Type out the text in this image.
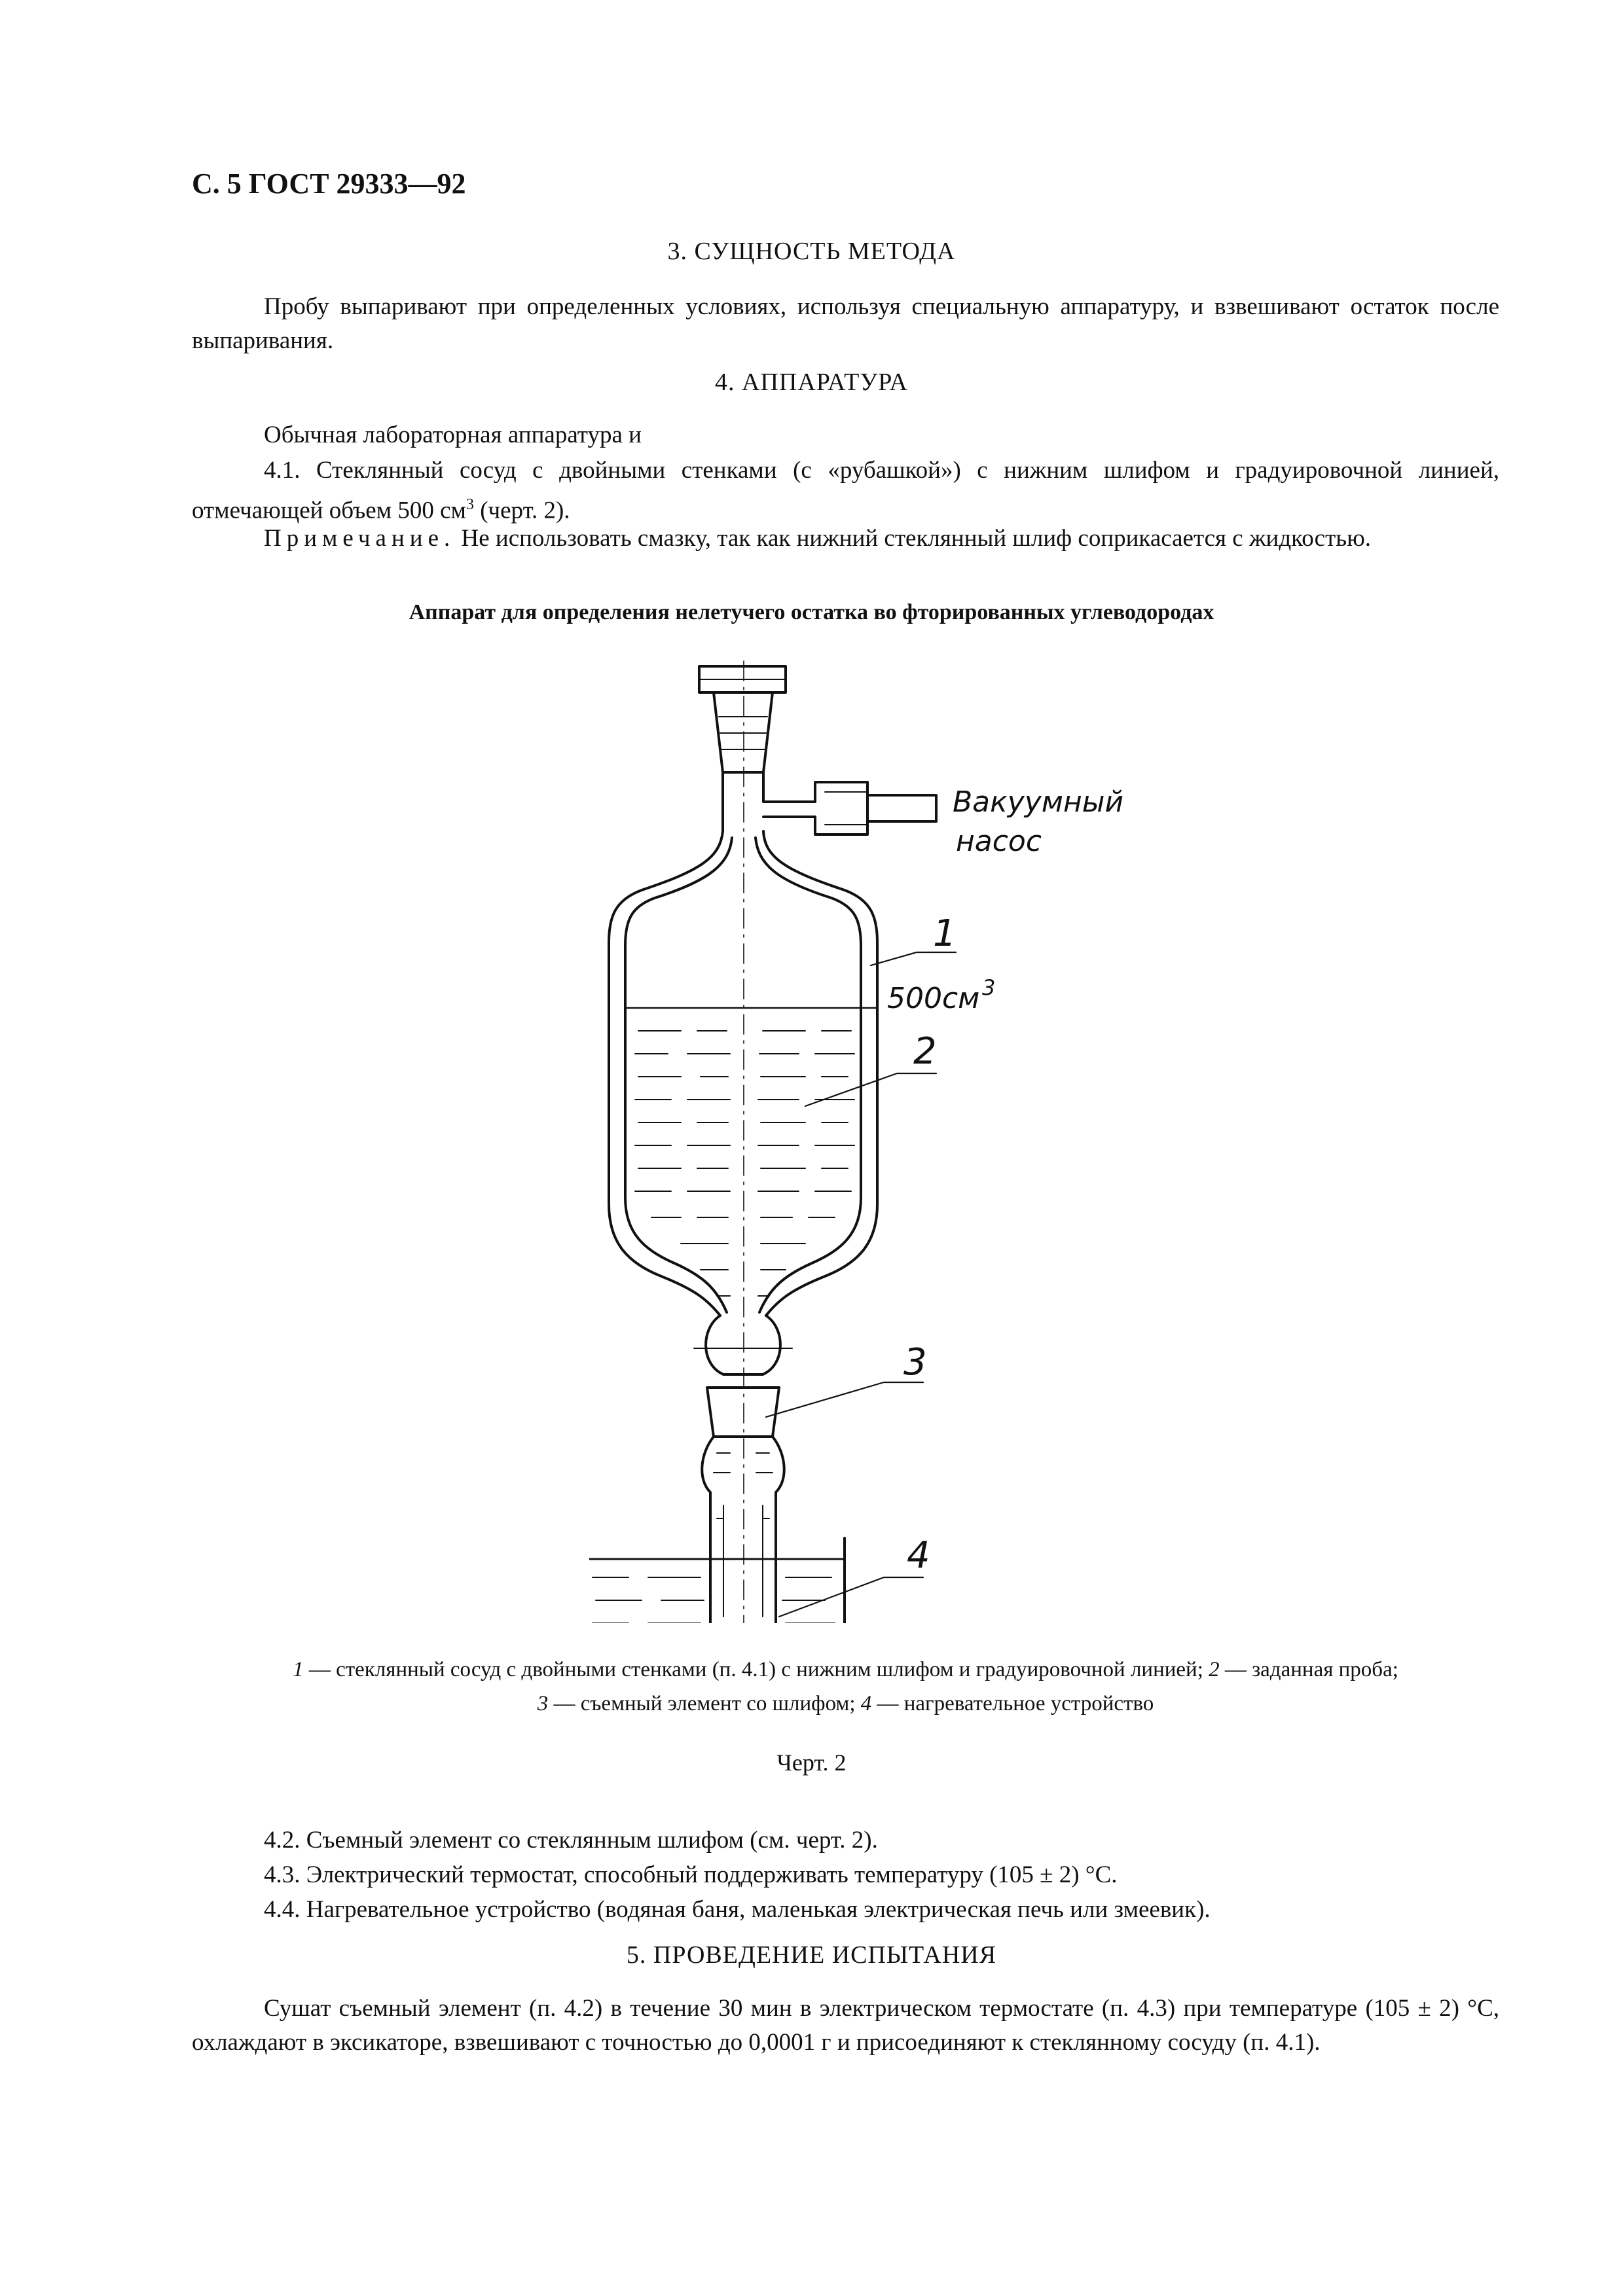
С. 5 ГОСТ 29333—92
3. СУЩНОСТЬ МЕТОДА
Пробу выпаривают при определенных условиях, используя специальную аппаратуру, и взвешивают остаток после выпаривания.
4. АППАРАТУРА
Обычная лабораторная аппаратура и
4.1. Стеклянный сосуд с двойными стенками (с «рубашкой») с нижним шлифом и градуировочной линией, отмечающей объем 500 $см^3$ (черт. 2).
Примечание. Не использовать смазку, так как нижний стеклянный шлиф соприкасается с жидкостью.
Аппарат для определения нелетучего остатка во фторированных углеводородах
Вакуумный
насос
1
500см 3
2
3
4
1 — стеклянный сосуд с двойными стенками (п. 4.1) с нижним шлифом и градуировочной линией; 2 — заданная проба;
3 — съемный элемент со шлифом; 4 — нагревательное устройство
Черт. 2
4.2. Съемный элемент со стеклянным шлифом (см. черт. 2).
4.3. Электрический термостат, способный поддерживать температуру (105 ± 2) °С.
4.4. Нагревательное устройство (водяная баня, маленькая электрическая печь или змеевик).
5. ПРОВЕДЕНИЕ ИСПЫТАНИЯ
Сушат съемный элемент (п. 4.2) в течение 30 мин в электрическом термостате (п. 4.3) при температуре (105 ± 2) °С, охлаждают в эксикаторе, взвешивают с точностью до 0,0001 г и присоединяют к стеклянному сосуду (п. 4.1).
